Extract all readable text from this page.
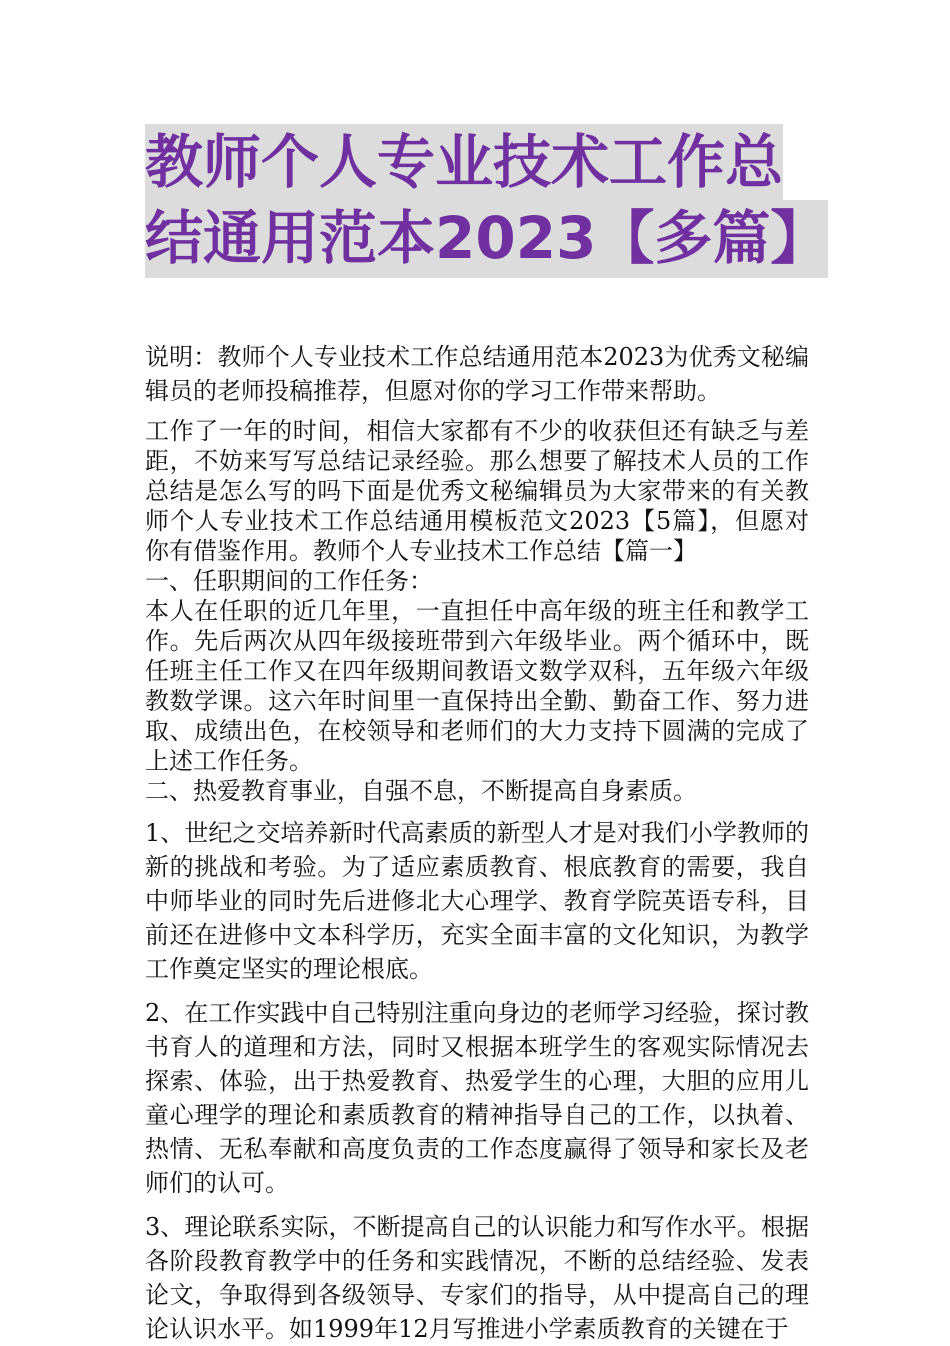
教师个人专业技术工作总结通用范本2023【多篇】

说明：教师个人专业技术工作总结通用范本2023为优秀文秘编辑员的老师投稿推荐，但愿对你的学习工作带来帮助。

工作了一年的时间，相信大家都有不少的收获但还有缺乏与差距，不妨来写写总结记录经验。那么想要了解技术人员的工作总结是怎么写的吗下面是优秀文秘编辑员为大家带来的有关教师个人专业技术工作总结通用模板范文2023【5篇】，但愿对你有借鉴作用。教师个人专业技术工作总结【篇一】

一、任职期间的工作任务：

本人在任职的近几年里，一直担任中高年级的班主任和教学工作。先后两次从四年级接班带到六年级毕业。两个循环中，既任班主任工作又在四年级期间教语文数学双科，五年级六年级教数学课。这六年时间里一直保持出全勤、勤奋工作、努力进取、成绩出色，在校领导和老师们的大力支持下圆满的完成了上述工作任务。

二、热爱教育事业，自强不息，不断提高自身素质。

1、世纪之交培养新时代高素质的新型人才是对我们小学教师的新的挑战和考验。为了适应素质教育、根底教育的需要，我自中师毕业的同时先后进修北大心理学、教育学院英语专科，目前还在进修中文本科学历，充实全面丰富的文化知识，为教学工作奠定坚实的理论根底。

2、在工作实践中自己特别注重向身边的老师学习经验，探讨教书育人的道理和方法，同时又根据本班学生的客观实际情况去探索、体验，出于热爱教育、热爱学生的心理，大胆的应用儿童心理学的理论和素质教育的精神指导自己的工作，以执着、热情、无私奉献和高度负责的工作态度赢得了领导和家长及老师们的认可。

3、理论联系实际，不断提高自己的认识能力和写作水平。根据各阶段教育教学中的任务和实践情况，不断的总结经验、发表论文，争取得到各级领导、专家们的指导，从中提高自己的理论认识水平。如1999年12月写推进小学素质教育的关键在于
